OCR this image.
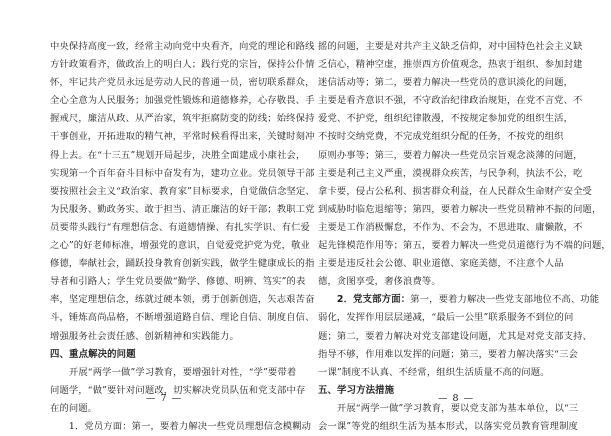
中央保持高度一致，经常主动向党中央看齐，向党的理论和路线
方针政策看齐，做政治上的明白人；践行党的宗旨，保持公仆情
怀，牢记共产党员永远是劳动人民的普通一员，密切联系群众，
全心全意为人民服务；加强党性锻炼和道德修养，心存敬畏、手
握戒尺，廉洁从政、从严治家，筑牢拒腐防变的防线；始终保持
干事创业，开拓进取的精气神，平常时候看得出来，关键时刻冲
得上去。在“十三五”规划开局起步，决胜全面建成小康社会，
实现第一个百年奋斗目标中奋发有为，建功立业。党员领导干部
要按照社会主义“政治家、教育家”目标要求，自觉做信念坚定、
为民服务、勤政务实、敢于担当、清正廉洁的好干部；教职工党
员要带头践行“有理想信念、有道德情操、有扎实学识、有仁爱
之心”的好老师标准，增强党的意识，自觉爱党护党为党，敬业
修德，奉献社会，踊跃投身教育创新实践，做学生健康成长的指
导者和引路人；学生党员要做“勤学、修德、明辨、笃实”的表
率，坚定理想信念，练就过硬本领，勇于创新创造，矢志艰苦奋
斗，锤炼高尚品格，不断增强道路自信、理论自信、制度自信、
增强服务社会责任感、创新精神和实践能力。
四、重点解决的问题
　　开展“两学一做”学习教育，要增强针对性，“学”要带着
问题学，“做”要针对问题改，切实解决党员队伍和党支部中存
在的问题。
　　1．党员方面：第一，要着力解决一些党员理想信念模糊动
— 7 —
摇的问题，主要是对共产主义缺乏信仰，对中国特色社会主义缺
乏信心，精神空虚，推崇西方价值观念，热衷于组织、参加封建
迷信活动等；第二，要着力解决一些党员的意识淡化的问题，
主要是看齐意识不强，不守政治纪律政治规矩，在党不言党、不
爱党、不护党，组织纪律散漫，不按规定参加党的组织生活，
不按时交纳党费，不完成党组织分配的任务，不按党的组织
原则办事等；第三，要着力解决一些党员宗旨观念淡薄的问题，
主要是利己主义严重，漠视群众疾苦，与民争利，执法不公，吃
拿卡要，侵占公私利、损害群众利益，在人民群众生命财产安全受
到威胁时临危退缩等；第四，要着力解决一些党员精神不振的问题，
主要是工作消极懈怠，不作为、不会为，不思进取、庸懒散，不
起先锋模范作用等；第五，要着力解决一些党员道德行为不端的问题，
主要是违反社会公德、职业道德、家庭美德，不注意个人品
德，贪图享受，奢侈浪费等。
　　2．党支部方面：第一，要着力解决一些党支部地位不高、功能
弱化，发挥作用层层递减，“最后一公里”联系服务不到位的问
题；第二，要着力解决对党支部建设问题，尤其是对党支部支持、
指导不够，作用难以发挥的问题；第三，要着力解决落实“三会
一课”制度不认真、不经常，组织生活质量不高的问题。
五、学习方法措施
　　开展“两学一做”学习教育，要以党支部为基本单位，以“三
会一课”等党的组织生活为基本形式，以落实党员教育管理制度
— 8 —
